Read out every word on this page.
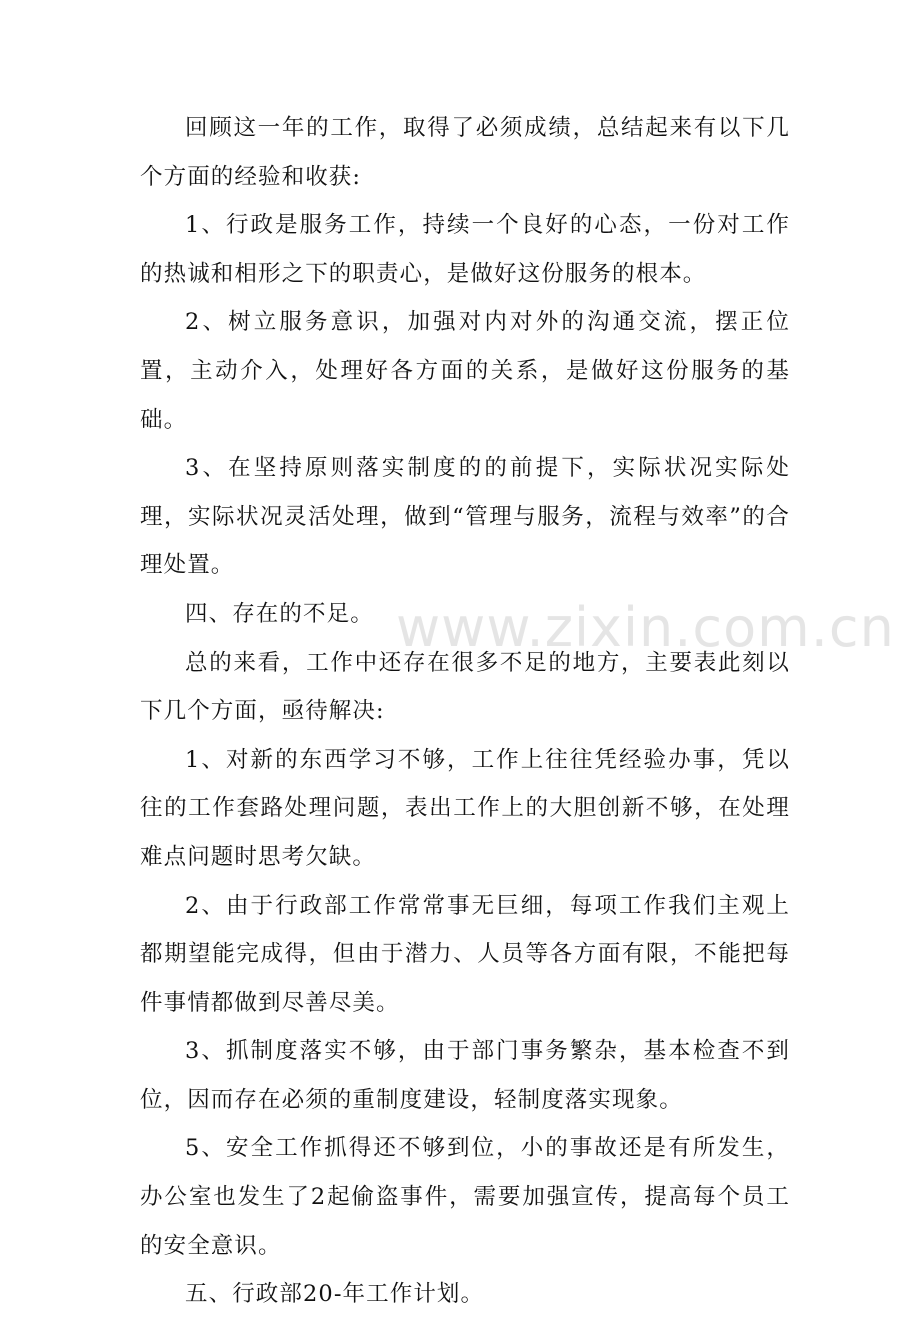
回顾这一年的工作，取得了必须成绩，总结起来有以下几个方面的经验和收获:

1、行政是服务工作，持续一个良好的心态，一份对工作的热诚和相形之下的职责心，是做好这份服务的根本。

2、树立服务意识，加强对内对外的沟通交流，摆正位置，主动介入，处理好各方面的关系，是做好这份服务的基础。

3、在坚持原则落实制度的的前提下，实际状况实际处理，实际状况灵活处理，做到“管理与服务，流程与效率”的合理处置。

四、存在的不足。

总的来看，工作中还存在很多不足的地方，主要表此刻以下几个方面，亟待解决:

1、对新的东西学习不够，工作上往往凭经验办事，凭以往的工作套路处理问题，表出工作上的大胆创新不够，在处理难点问题时思考欠缺。

2、由于行政部工作常常事无巨细，每项工作我们主观上都期望能完成得，但由于潜力、人员等各方面有限，不能把每件事情都做到尽善尽美。

3、抓制度落实不够，由于部门事务繁杂，基本检查不到位，因而存在必须的重制度建设，轻制度落实现象。

5、安全工作抓得还不够到位，小的事故还是有所发生，办公室也发生了2起偷盗事件，需要加强宣传，提高每个员工的安全意识。

五、行政部20-年工作计划。

www.zixin.com.cn
